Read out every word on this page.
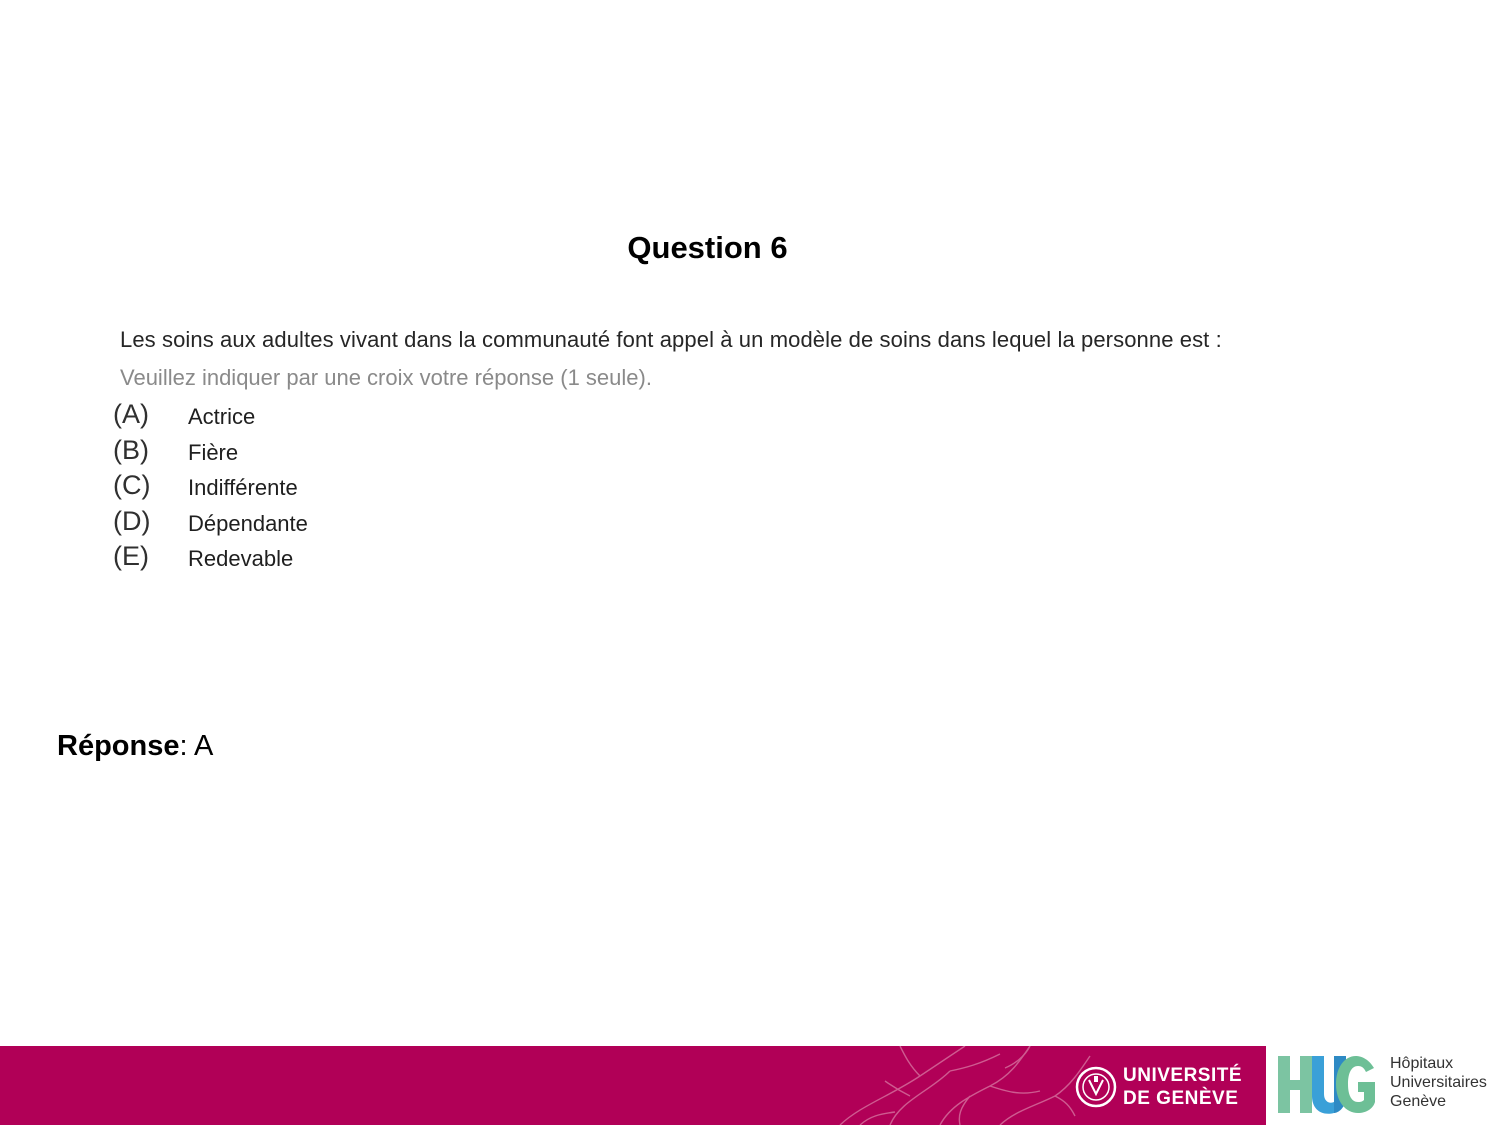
Question 6
Les soins aux adultes vivant dans la communauté font appel à un modèle de soins dans lequel la personne est :
Veuillez indiquer par une croix votre réponse (1 seule).
(A) Actrice
(B) Fière
(C) Indifférente
(D) Dépendante
(E) Redevable
Réponse: A
UNIVERSITÉ
DE GENÈVE
Hôpitaux
Universitaires
Genève
